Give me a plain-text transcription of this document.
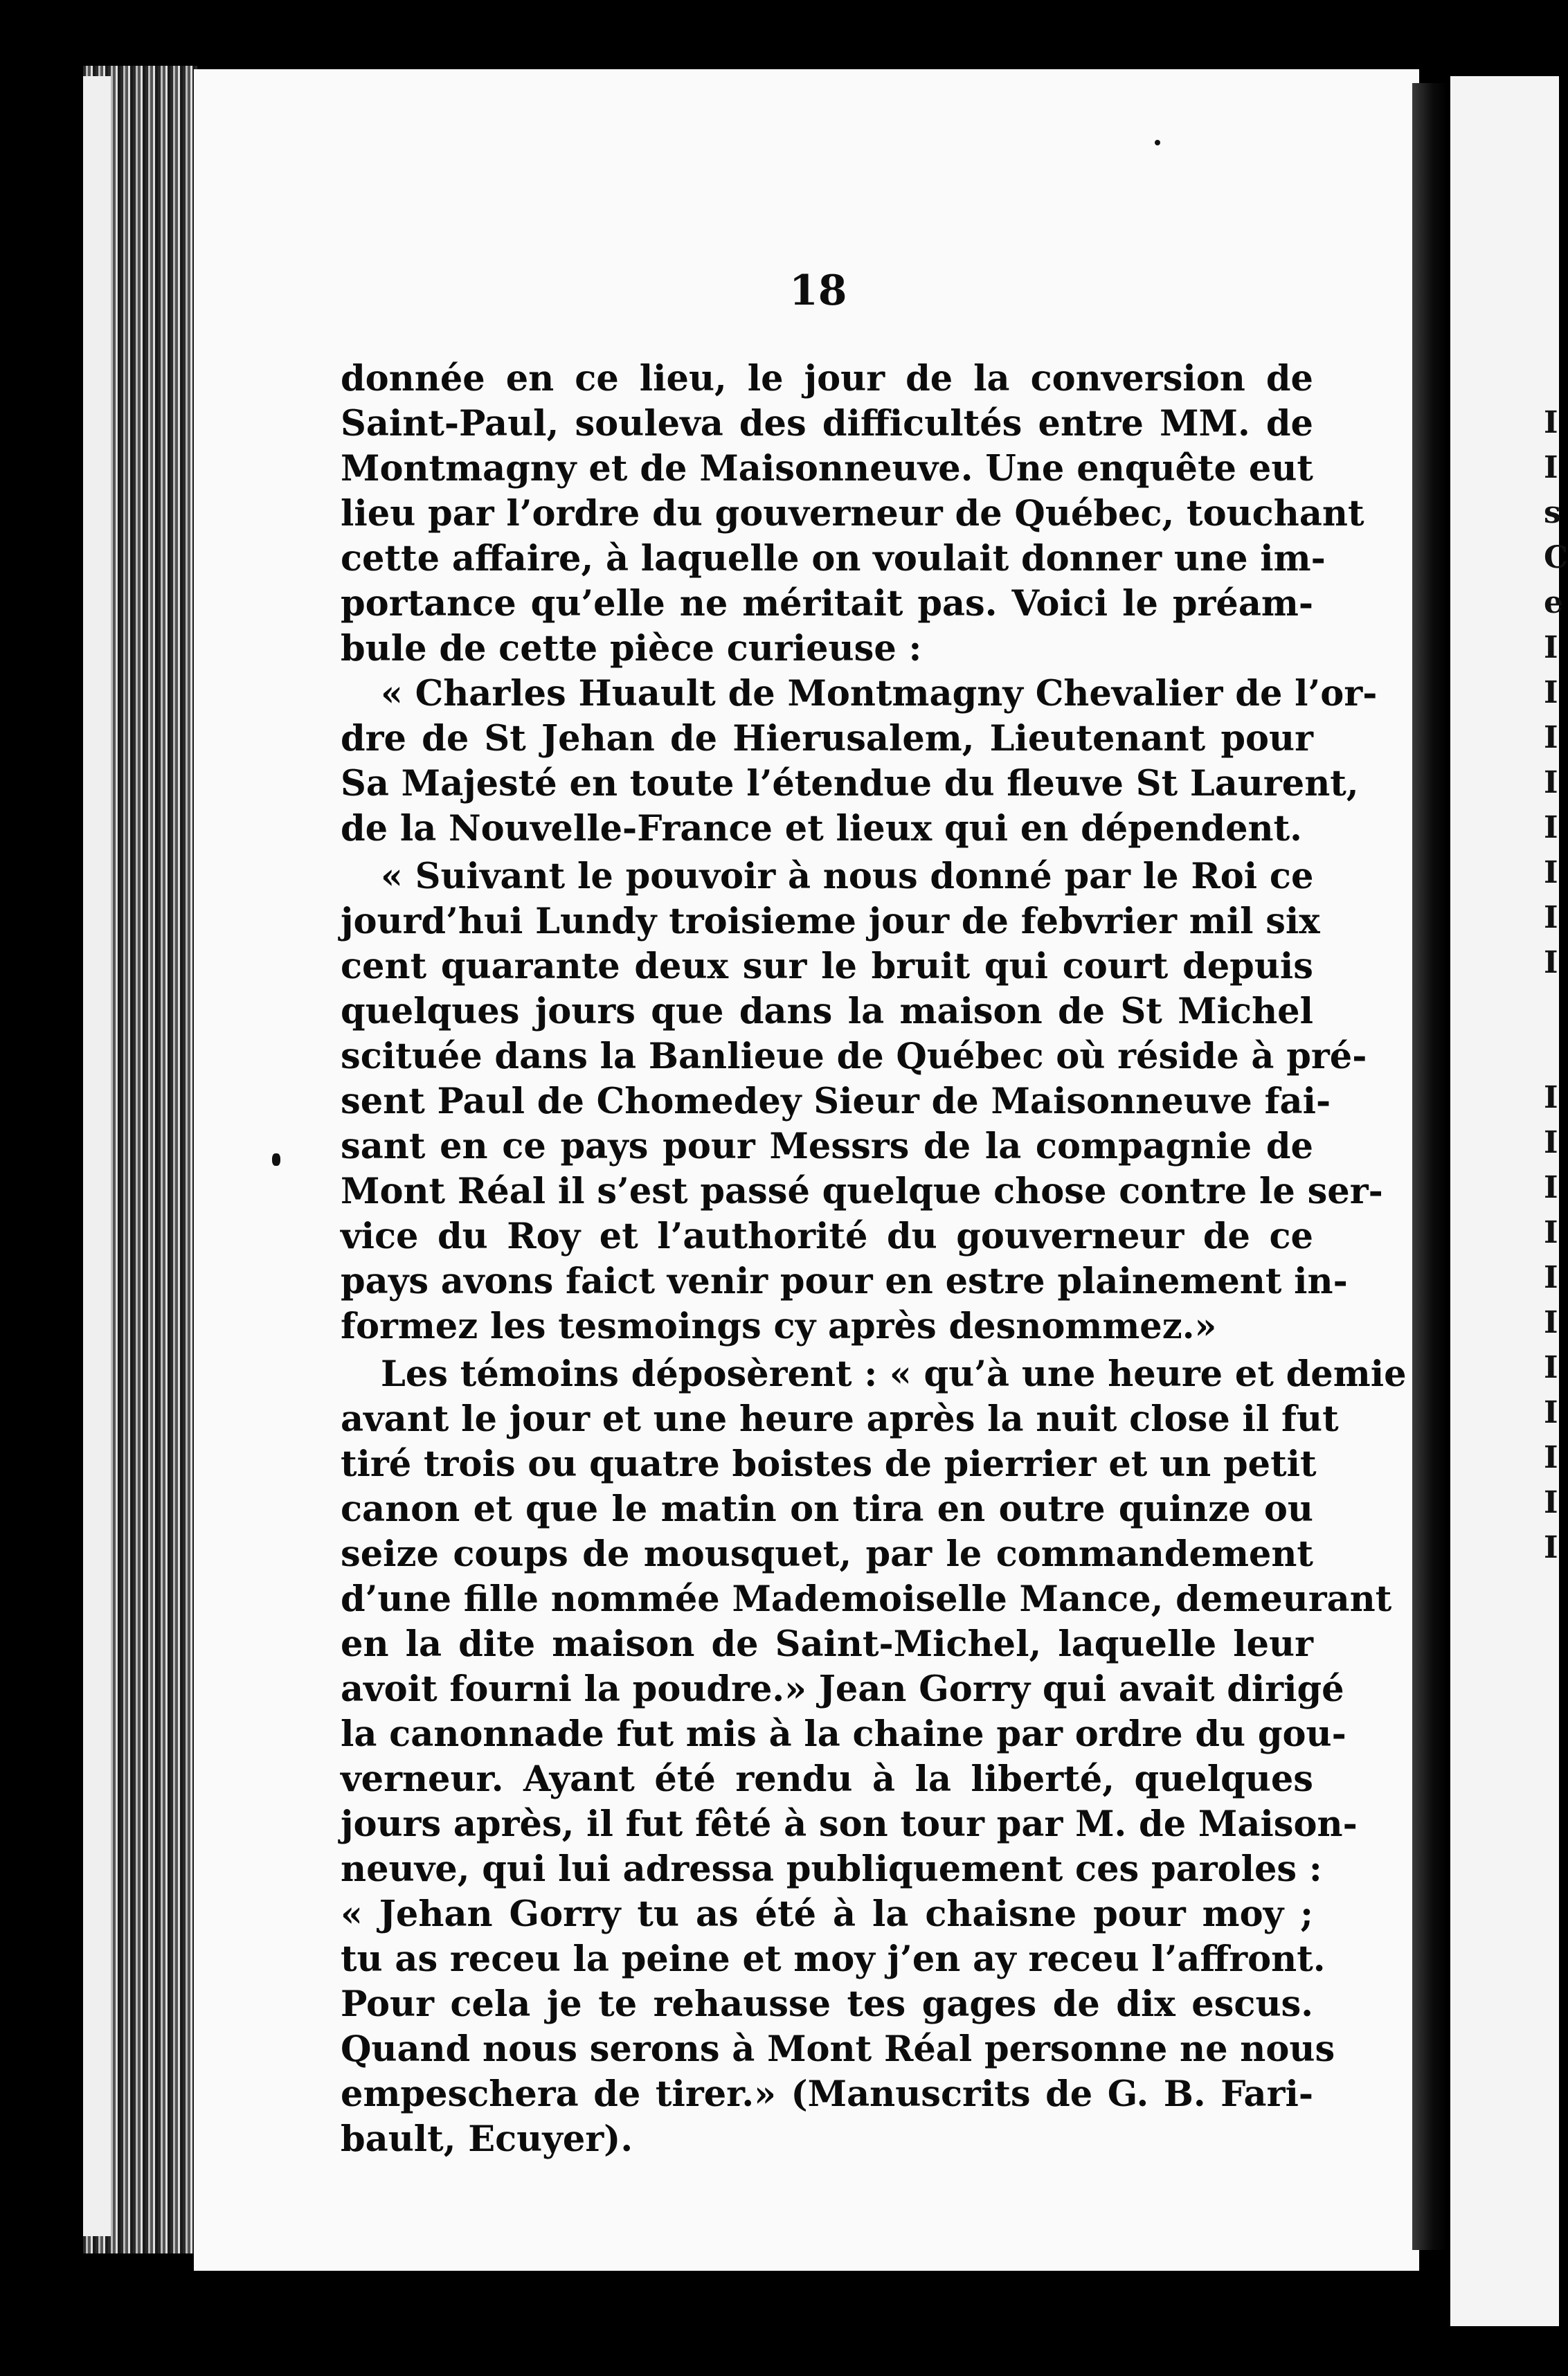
I
I
s
C
e
I
I
I
I
I
I
I
I
I
I
I
I
I
I
I
I
I
I
I
18
donnée en ce lieu, le jour de la conversion de
Saint-Paul, souleva des difficultés entre MM. de
Montmagny et de Maisonneuve. Une enquête eut
lieu par l’ordre du gouverneur de Québec, touchant
cette affaire, à laquelle on voulait donner une im-
portance qu’elle ne méritait pas. Voici le préam-
bule de cette pièce curieuse :
« Charles Huault de Montmagny Chevalier de l’or-
dre de St Jehan de Hierusalem, Lieutenant pour
Sa Majesté en toute l’étendue du fleuve St Laurent,
de la Nouvelle-France et lieux qui en dépendent.
« Suivant le pouvoir à nous donné par le Roi ce
jourd’hui Lundy troisieme jour de febvrier mil six
cent quarante deux sur le bruit qui court depuis
quelques jours que dans la maison de St Michel
scituée dans la Banlieue de Québec où réside à pré-
sent Paul de Chomedey Sieur de Maisonneuve fai-
sant en ce pays pour Messrs de la compagnie de
Mont Réal il s’est passé quelque chose contre le ser-
vice du Roy et l’authorité du gouverneur de ce
pays avons faict venir pour en estre plainement in-
formez les tesmoings cy après desnommez.»
Les témoins déposèrent : « qu’à une heure et demie
avant le jour et une heure après la nuit close il fut
tiré trois ou quatre boistes de pierrier et un petit
canon et que le matin on tira en outre quinze ou
seize coups de mousquet, par le commandement
d’une fille nommée Mademoiselle Mance, demeurant
en la dite maison de Saint-Michel, laquelle leur
avoit fourni la poudre.» Jean Gorry qui avait dirigé
la canonnade fut mis à la chaine par ordre du gou-
verneur. Ayant été rendu à la liberté, quelques
jours après, il fut fêté à son tour par M. de Maison-
neuve, qui lui adressa publiquement ces paroles :
« Jehan Gorry tu as été à la chaisne pour moy ;
tu as receu la peine et moy j’en ay receu l’affront.
Pour cela je te rehausse tes gages de dix escus.
Quand nous serons à Mont Réal personne ne nous
empeschera de tirer.» (Manuscrits de G. B. Fari-
bault, Ecuyer).
